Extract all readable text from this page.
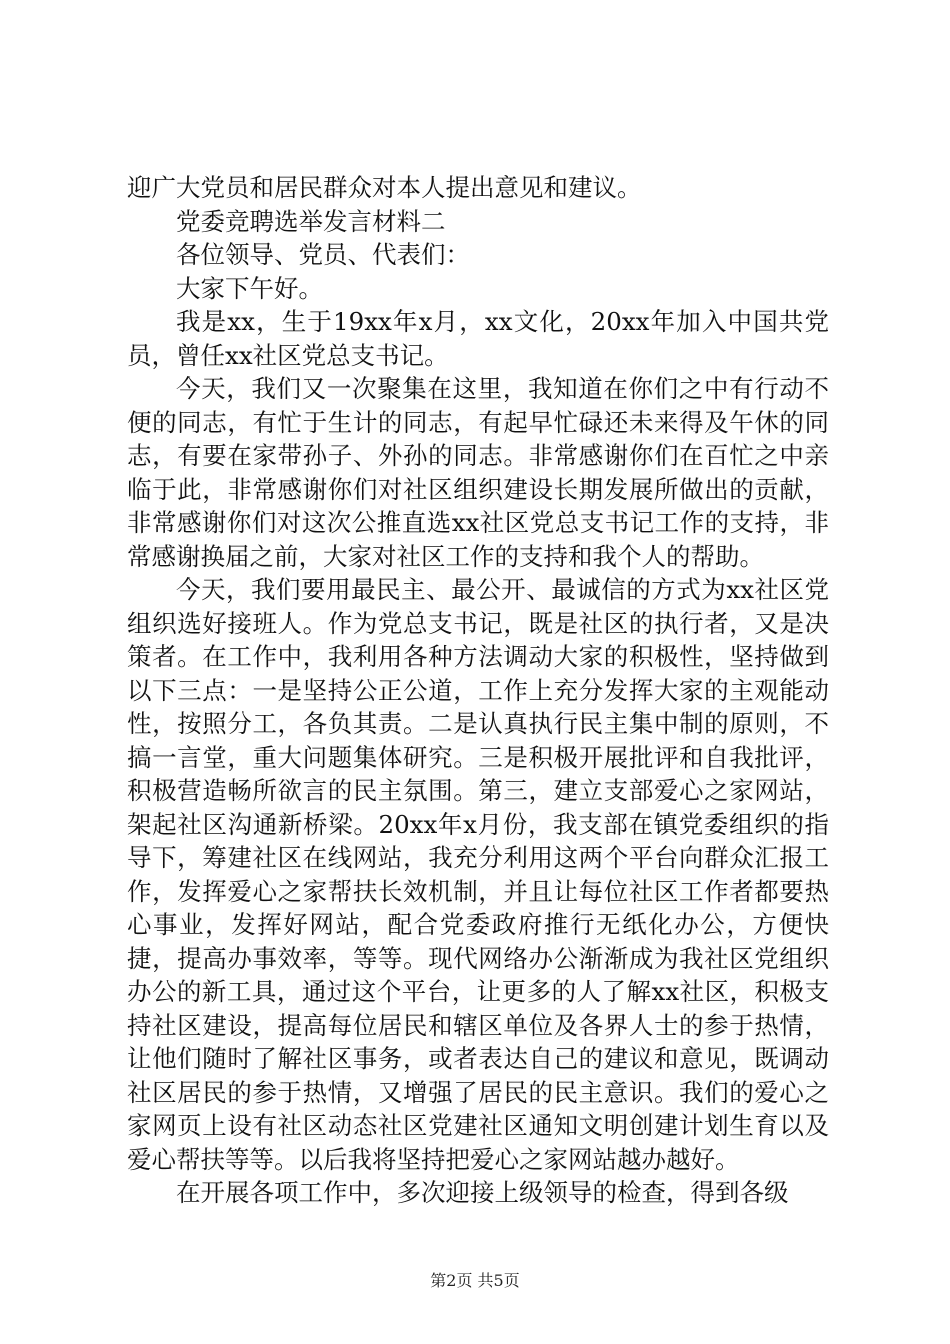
迎广大党员和居民群众对本人提出意见和建议。

党委竞聘选举发言材料二

各位领导、党员、代表们：

大家下午好。

我是xx，生于19xx年x月，xx文化，20xx年加入中国共党员，曾任xx社区党总支书记。

今天，我们又一次聚集在这里，我知道在你们之中有行动不便的同志，有忙于生计的同志，有起早忙碌还未来得及午休的同志，有要在家带孙子、外孙的同志。非常感谢你们在百忙之中亲临于此，非常感谢你们对社区组织建设长期发展所做出的贡献，非常感谢你们对这次公推直选xx社区党总支书记工作的支持，非常感谢换届之前，大家对社区工作的支持和我个人的帮助。

今天，我们要用最民主、最公开、最诚信的方式为xx社区党组织选好接班人。作为党总支书记，既是社区的执行者，又是决策者。在工作中，我利用各种方法调动大家的积极性，坚持做到以下三点：一是坚持公正公道，工作上充分发挥大家的主观能动性，按照分工，各负其责。二是认真执行民主集中制的原则，不搞一言堂，重大问题集体研究。三是积极开展批评和自我批评，积极营造畅所欲言的民主氛围。第三，建立支部爱心之家网站，架起社区沟通新桥梁。20xx年x月份，我支部在镇党委组织的指导下，筹建社区在线网站，我充分利用这两个平台向群众汇报工作，发挥爱心之家帮扶长效机制，并且让每位社区工作者都要热心事业，发挥好网站，配合党委政府推行无纸化办公，方便快捷，提高办事效率，等等。现代网络办公渐渐成为我社区党组织办公的新工具，通过这个平台，让更多的人了解xx社区，积极支持社区建设，提高每位居民和辖区单位及各界人士的参于热情，让他们随时了解社区事务，或者表达自己的建议和意见，既调动社区居民的参于热情，又增强了居民的民主意识。我们的爱心之家网页上设有社区动态社区党建社区通知文明创建计划生育以及爱心帮扶等等。以后我将坚持把爱心之家网站越办越好。

在开展各项工作中，多次迎接上级领导的检查，得到各级

第2页 共5页
